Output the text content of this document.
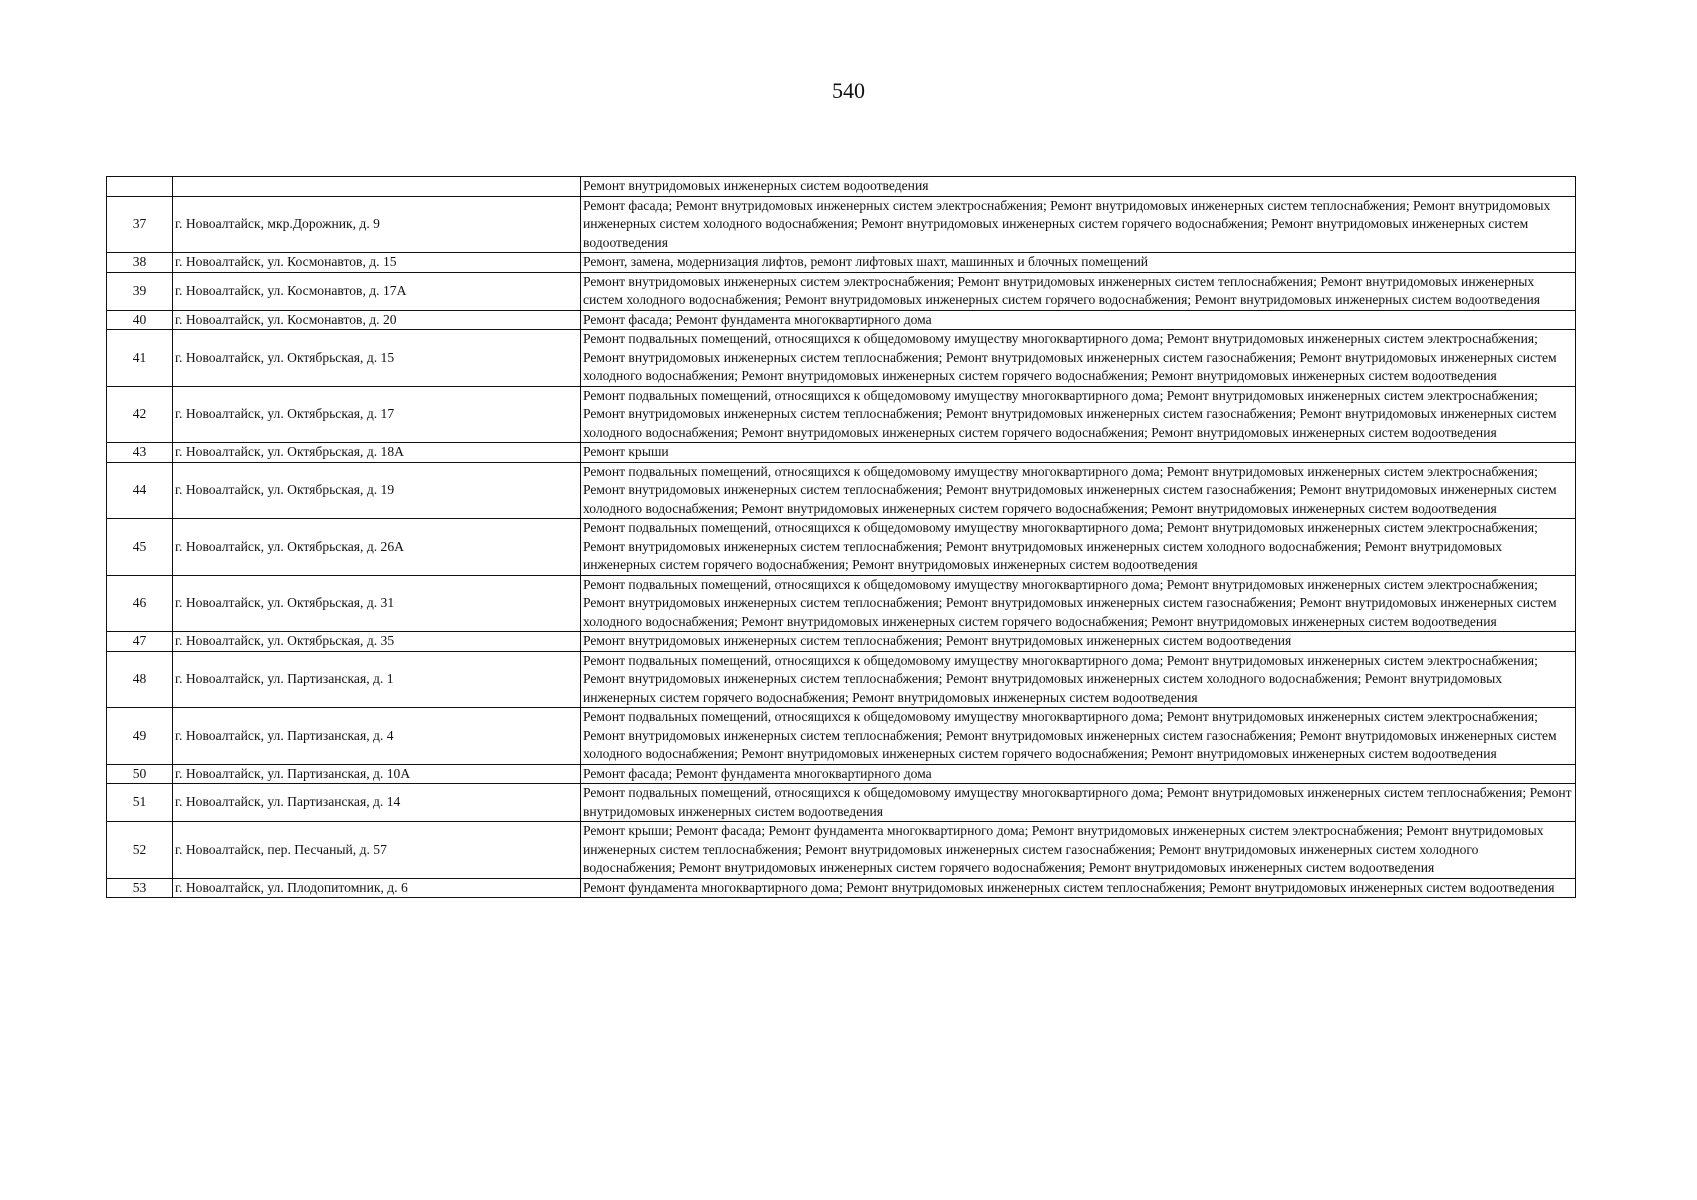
540
		Ремонт внутридомовых инженерных систем водоотведения
37	г. Новоалтайск, мкр.Дорожник, д. 9	Ремонт фасада; Ремонт внутридомовых инженерных систем электроснабжения; Ремонт внутридомовых инженерных систем теплоснабжения; Ремонт внутридомовых инженерных систем холодного водоснабжения; Ремонт внутридомовых инженерных систем горячего водоснабжения; Ремонт внутридомовых инженерных систем водоотведения
38	г. Новоалтайск, ул. Космонавтов, д. 15	Ремонт, замена, модернизация лифтов, ремонт лифтовых шахт, машинных и блочных помещений
39	г. Новоалтайск, ул. Космонавтов, д. 17А	Ремонт внутридомовых инженерных систем электроснабжения; Ремонт внутридомовых инженерных систем теплоснабжения; Ремонт внутридомовых инженерных систем холодного водоснабжения; Ремонт внутридомовых инженерных систем горячего водоснабжения; Ремонт внутридомовых инженерных систем водоотведения
40	г. Новоалтайск, ул. Космонавтов, д. 20	Ремонт фасада; Ремонт фундамента многоквартирного дома
41	г. Новоалтайск, ул. Октябрьская, д. 15	Ремонт подвальных помещений, относящихся к общедомовому имуществу многоквартирного дома; Ремонт внутридомовых инженерных систем электроснабжения; Ремонт внутридомовых инженерных систем теплоснабжения; Ремонт внутридомовых инженерных систем газоснабжения; Ремонт внутридомовых инженерных систем холодного водоснабжения; Ремонт внутридомовых инженерных систем горячего водоснабжения; Ремонт внутридомовых инженерных систем водоотведения
42	г. Новоалтайск, ул. Октябрьская, д. 17	Ремонт подвальных помещений, относящихся к общедомовому имуществу многоквартирного дома; Ремонт внутридомовых инженерных систем электроснабжения; Ремонт внутридомовых инженерных систем теплоснабжения; Ремонт внутридомовых инженерных систем газоснабжения; Ремонт внутридомовых инженерных систем холодного водоснабжения; Ремонт внутридомовых инженерных систем горячего водоснабжения; Ремонт внутридомовых инженерных систем водоотведения
43	г. Новоалтайск, ул. Октябрьская, д. 18А	Ремонт крыши
44	г. Новоалтайск, ул. Октябрьская, д. 19	Ремонт подвальных помещений, относящихся к общедомовому имуществу многоквартирного дома; Ремонт внутридомовых инженерных систем электроснабжения; Ремонт внутридомовых инженерных систем теплоснабжения; Ремонт внутридомовых инженерных систем газоснабжения; Ремонт внутридомовых инженерных систем холодного водоснабжения; Ремонт внутридомовых инженерных систем горячего водоснабжения; Ремонт внутридомовых инженерных систем водоотведения
45	г. Новоалтайск, ул. Октябрьская, д. 26А	Ремонт подвальных помещений, относящихся к общедомовому имуществу многоквартирного дома; Ремонт внутридомовых инженерных систем электроснабжения; Ремонт внутридомовых инженерных систем теплоснабжения; Ремонт внутридомовых инженерных систем холодного водоснабжения; Ремонт внутридомовых инженерных систем горячего водоснабжения; Ремонт внутридомовых инженерных систем водоотведения
46	г. Новоалтайск, ул. Октябрьская, д. 31	Ремонт подвальных помещений, относящихся к общедомовому имуществу многоквартирного дома; Ремонт внутридомовых инженерных систем электроснабжения; Ремонт внутридомовых инженерных систем теплоснабжения; Ремонт внутридомовых инженерных систем газоснабжения; Ремонт внутридомовых инженерных систем холодного водоснабжения; Ремонт внутридомовых инженерных систем горячего водоснабжения; Ремонт внутридомовых инженерных систем водоотведения
47	г. Новоалтайск, ул. Октябрьская, д. 35	Ремонт внутридомовых инженерных систем теплоснабжения; Ремонт внутридомовых инженерных систем водоотведения
48	г. Новоалтайск, ул. Партизанская, д. 1	Ремонт подвальных помещений, относящихся к общедомовому имуществу многоквартирного дома; Ремонт внутридомовых инженерных систем электроснабжения; Ремонт внутридомовых инженерных систем теплоснабжения; Ремонт внутридомовых инженерных систем холодного водоснабжения; Ремонт внутридомовых инженерных систем горячего водоснабжения; Ремонт внутридомовых инженерных систем водоотведения
49	г. Новоалтайск, ул. Партизанская, д. 4	Ремонт подвальных помещений, относящихся к общедомовому имуществу многоквартирного дома; Ремонт внутридомовых инженерных систем электроснабжения; Ремонт внутридомовых инженерных систем теплоснабжения; Ремонт внутридомовых инженерных систем газоснабжения; Ремонт внутридомовых инженерных систем холодного водоснабжения; Ремонт внутридомовых инженерных систем горячего водоснабжения; Ремонт внутридомовых инженерных систем водоотведения
50	г. Новоалтайск, ул. Партизанская, д. 10А	Ремонт фасада; Ремонт фундамента многоквартирного дома
51	г. Новоалтайск, ул. Партизанская, д. 14	Ремонт подвальных помещений, относящихся к общедомовому имуществу многоквартирного дома; Ремонт внутридомовых инженерных систем теплоснабжения; Ремонт внутридомовых инженерных систем водоотведения
52	г. Новоалтайск, пер. Песчаный, д. 57	Ремонт крыши; Ремонт фасада; Ремонт фундамента многоквартирного дома; Ремонт внутридомовых инженерных систем электроснабжения; Ремонт внутридомовых инженерных систем теплоснабжения; Ремонт внутридомовых инженерных систем газоснабжения; Ремонт внутридомовых инженерных систем холодного водоснабжения; Ремонт внутридомовых инженерных систем горячего водоснабжения; Ремонт внутридомовых инженерных систем водоотведения
53	г. Новоалтайск, ул. Плодопитомник, д. 6	Ремонт фундамента многоквартирного дома; Ремонт внутридомовых инженерных систем теплоснабжения; Ремонт внутридомовых инженерных систем водоотведения
